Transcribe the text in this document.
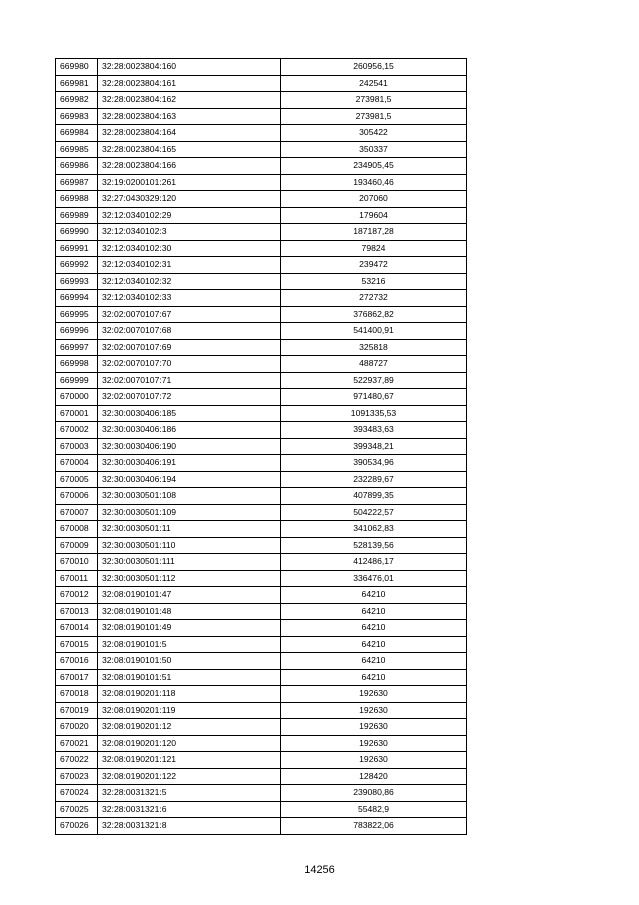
669980	32:28:0023804:160	260956,15
669981	32:28:0023804:161	242541
669982	32:28:0023804:162	273981,5
669983	32:28:0023804:163	273981,5
669984	32:28:0023804:164	305422
669985	32:28:0023804:165	350337
669986	32:28:0023804:166	234905,45
669987	32:19:0200101:261	193460,46
669988	32:27:0430329:120	207060
669989	32:12:0340102:29	179604
669990	32:12:0340102:3	187187,28
669991	32:12:0340102:30	79824
669992	32:12:0340102:31	239472
669993	32:12:0340102:32	53216
669994	32:12:0340102:33	272732
669995	32:02:0070107:67	376862,82
669996	32:02:0070107:68	541400,91
669997	32:02:0070107:69	325818
669998	32:02:0070107:70	488727
669999	32:02:0070107:71	522937,89
670000	32:02:0070107:72	971480,67
670001	32:30:0030406:185	1091335,53
670002	32:30:0030406:186	393483,63
670003	32:30:0030406:190	399348,21
670004	32:30:0030406:191	390534,96
670005	32:30:0030406:194	232289,67
670006	32:30:0030501:108	407899,35
670007	32:30:0030501:109	504222,57
670008	32:30:0030501:11	341062,83
670009	32:30:0030501:110	528139,56
670010	32:30:0030501:111	412486,17
670011	32:30:0030501:112	336476,01
670012	32:08:0190101:47	64210
670013	32:08:0190101:48	64210
670014	32:08:0190101:49	64210
670015	32:08:0190101:5	64210
670016	32:08:0190101:50	64210
670017	32:08:0190101:51	64210
670018	32:08:0190201:118	192630
670019	32:08:0190201:119	192630
670020	32:08:0190201:12	192630
670021	32:08:0190201:120	192630
670022	32:08:0190201:121	192630
670023	32:08:0190201:122	128420
670024	32:28:0031321:5	239080,86
670025	32:28:0031321:6	55482,9
670026	32:28:0031321:8	783822,06
14256
